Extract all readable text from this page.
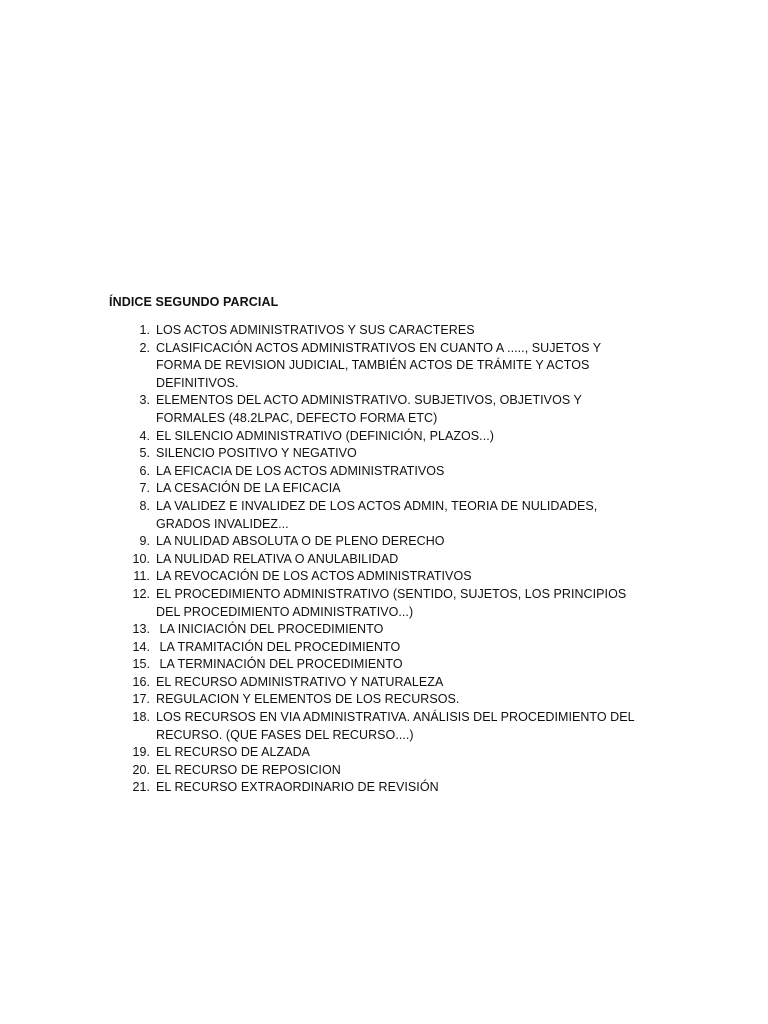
ÍNDICE SEGUNDO PARCIAL
1. LOS ACTOS ADMINISTRATIVOS Y SUS CARACTERES
2. CLASIFICACIÓN ACTOS ADMINISTRATIVOS EN CUANTO A ....., SUJETOS Y FORMA DE REVISION JUDICIAL, TAMBIÉN ACTOS DE TRÁMITE Y ACTOS DEFINITIVOS.
3. ELEMENTOS DEL ACTO ADMINISTRATIVO. SUBJETIVOS, OBJETIVOS Y FORMALES (48.2LPAC, DEFECTO FORMA ETC)
4. EL SILENCIO ADMINISTRATIVO (DEFINICIÓN, PLAZOS...)
5. SILENCIO POSITIVO Y NEGATIVO
6. LA EFICACIA DE LOS ACTOS ADMINISTRATIVOS
7. LA CESACIÓN DE LA EFICACIA
8. LA VALIDEZ E INVALIDEZ DE LOS ACTOS ADMIN, TEORIA DE NULIDADES, GRADOS INVALIDEZ...
9. LA NULIDAD ABSOLUTA O DE PLENO DERECHO
10. LA NULIDAD RELATIVA O ANULABILIDAD
11. LA REVOCACIÓN DE LOS ACTOS ADMINISTRATIVOS
12. EL PROCEDIMIENTO ADMINISTRATIVO (SENTIDO, SUJETOS, LOS PRINCIPIOS DEL PROCEDIMIENTO ADMINISTRATIVO...)
13. LA INICIACIÓN DEL PROCEDIMIENTO
14. LA TRAMITACIÓN DEL PROCEDIMIENTO
15. LA TERMINACIÓN DEL PROCEDIMIENTO
16. EL RECURSO ADMINISTRATIVO Y NATURALEZA
17. REGULACION Y ELEMENTOS DE LOS RECURSOS.
18. LOS RECURSOS EN VIA ADMINISTRATIVA. ANÁLISIS DEL PROCEDIMIENTO DEL RECURSO. (QUE FASES DEL RECURSO....)
19. EL RECURSO DE ALZADA
20. EL RECURSO DE REPOSICION
21. EL RECURSO EXTRAORDINARIO DE REVISIÓN
